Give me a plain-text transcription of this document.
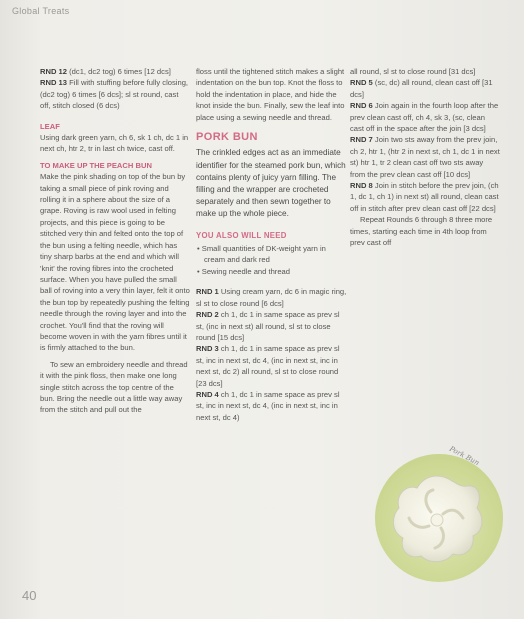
Global Treats

RND 12 (dc1, dc2 tog) 6 times [12 dcs]

RND 13 Fill with stuffing before fully closing, (dc2 tog) 6 times [6 dcs]; sl st round, cast off, stitch closed (6 dcs)

LEAF

Using dark green yarn, ch 6, sk 1 ch, dc 1 in next ch, htr 2, tr in last ch twice, cast off.

TO MAKE UP THE PEACH BUN

Make the pink shading on top of the bun by taking a small piece of pink roving and rolling it in a sphere about the size of a grape. Roving is raw wool used in felting projects, and this piece is going to be stitched very thin and felted onto the top of the bun using a felting needle, which has tiny sharp barbs at the end and which will 'knit' the roving fibres into the crocheted surface. When you have pulled the small ball of roving into a very thin layer, felt it onto the bun top by repeatedly pushing the felting needle through the roving layer and into the crochet. You'll find that the roving will become woven in with the yarn fibres until it is firmly attached to the bun.

To sew an embroidery needle and thread it with the pink floss, then make one long single stitch across the top centre of the bun. Bring the needle out a little way away from the stitch and pull out the

floss until the tightened stitch makes a slight indentation on the bun top. Knot the floss to hold the indentation in place, and hide the knot inside the bun. Finally, sew the leaf into place using a sewing needle and thread.

PORK BUN

The crinkled edges act as an immediate identifier for the steamed pork bun, which contains plenty of juicy yarn filling. The filling and the wrapper are crocheted separately and then sewn together to make up the whole piece.

YOU ALSO WILL NEED

• Small quantities of DK-weight yarn in cream and dark red
• Sewing needle and thread

RND 1 Using cream yarn, dc 6 in magic ring, sl st to close round [6 dcs]

RND 2 ch 1, dc 1 in same space as prev sl st, (inc in next st) all round, sl st to close round [15 dcs]

RND 3 ch 1, dc 1 in same space as prev sl st, inc in next st, dc 4, (inc in next st, inc in next st, dc 2) all round, sl st to close round [23 dcs]

RND 4 ch 1, dc 1 in same space as prev sl st, inc in next st, dc 4, (inc in next st, inc in next st, dc 4)

all round, sl st to close round [31 dcs]

RND 5 (sc, dc) all round, clean cast off [31 dcs]

RND 6 Join again in the fourth loop after the prev clean cast off, ch 4, sk 3, (sc, clean cast off in the space after the join [3 dcs]

RND 7 Join two sts away from the prev join, ch 2, htr 1, (htr 2 in next st, ch 1, dc 1 in next st) htr 1, tr 2 clean cast off two sts away from the prev clean cast off [10 dcs]

RND 8 Join in stitch before the prev join, (ch 1, dc 1, ch 1) in next st) all round, clean cast off in stitch after prev clean cast off [22 dcs]

Repeat Rounds 6 through 8 three more times, starting each time in 4th loop from prev cast off

Pork Bun
40
